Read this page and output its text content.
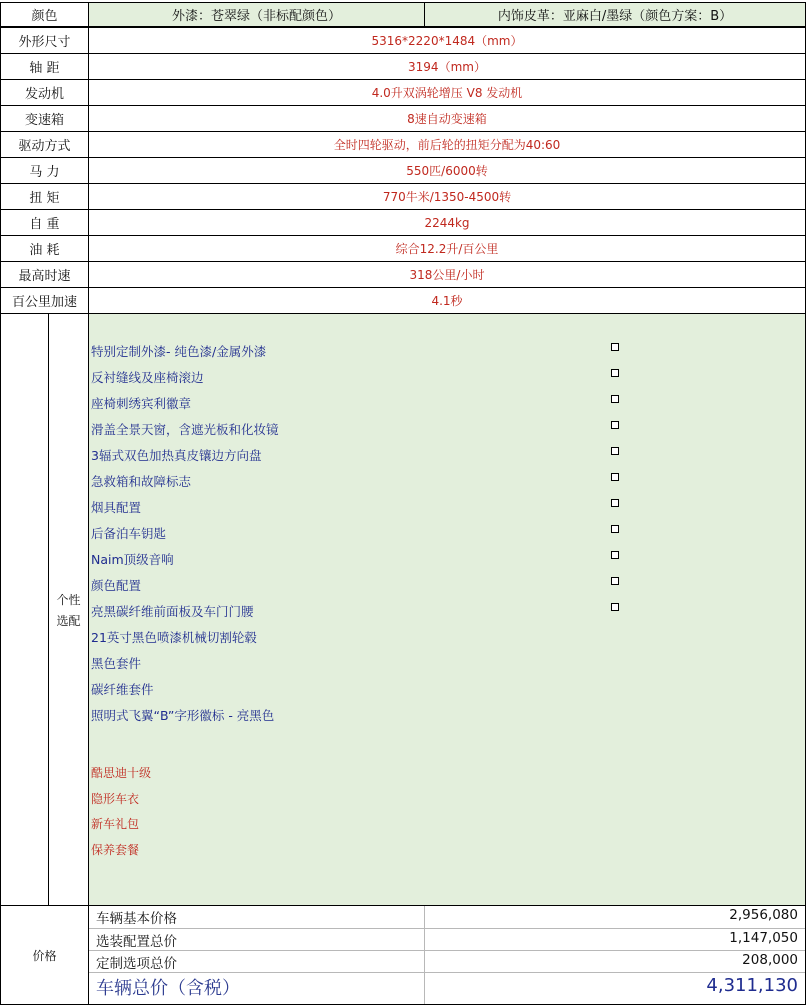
颜色	外漆：苍翠绿（非标配颜色）	内饰皮革：亚麻白/墨绿（颜色方案：B）
外形尺寸	5316*2220*1484（mm）
轴 距	3194（mm）
发动机	4.0升双涡轮增压 V8 发动机
变速箱	8速自动变速箱
驱动方式	全时四轮驱动，前后轮的扭矩分配为40:60
马 力	550匹/6000转
扭 矩	770牛米/1350-4500转
自 重	2244kg
油 耗	综合12.2升/百公里
最高时速	318公里/小时
百公里加速	4.1秒
个性
选配
特别定制外漆- 纯色漆/金属外漆
反衬缝线及座椅滚边
座椅刺绣宾利徽章
滑盖全景天窗，含遮光板和化妆镜
3辐式双色加热真皮镶边方向盘
急救箱和故障标志
烟具配置
后备泊车钥匙
Naim顶级音响
颜色配置
亮黑碳纤维前面板及车门门腰
21英寸黑色喷漆机械切割轮毂
黑色套件
碳纤维套件
照明式飞翼“B”字形徽标 - 亮黑色
酷思迪十级
隐形车衣
新车礼包
保养套餐
价格
车辆基本价格	2,956,080
选装配置总价	1,147,050
定制选项总价	208,000
车辆总价（含税）	4,311,130
